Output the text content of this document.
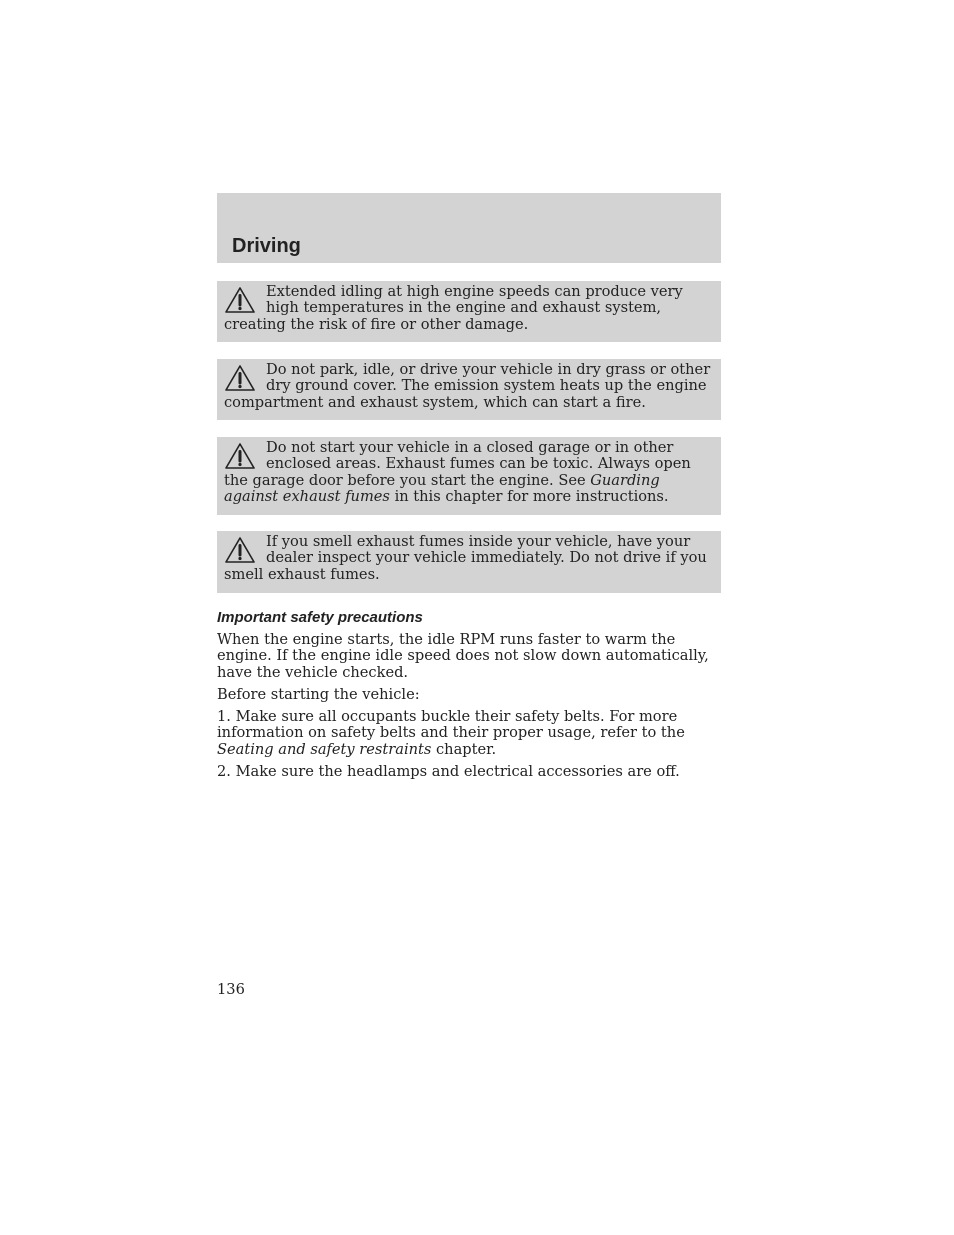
Driving

Extended idling at high engine speeds can produce very high temperatures in the engine and exhaust system, creating the risk of fire or other damage.

Do not park, idle, or drive your vehicle in dry grass or other dry ground cover. The emission system heats up the engine compartment and exhaust system, which can start a fire.

Do not start your vehicle in a closed garage or in other enclosed areas. Exhaust fumes can be toxic. Always open the garage door before you start the engine. See Guarding against exhaust fumes in this chapter for more instructions.

If you smell exhaust fumes inside your vehicle, have your dealer inspect your vehicle immediately. Do not drive if you smell exhaust fumes.

Important safety precautions

When the engine starts, the idle RPM runs faster to warm the engine. If the engine idle speed does not slow down automatically, have the vehicle checked.

Before starting the vehicle:

1. Make sure all occupants buckle their safety belts. For more information on safety belts and their proper usage, refer to the Seating and safety restraints chapter.

2. Make sure the headlamps and electrical accessories are off.

136
